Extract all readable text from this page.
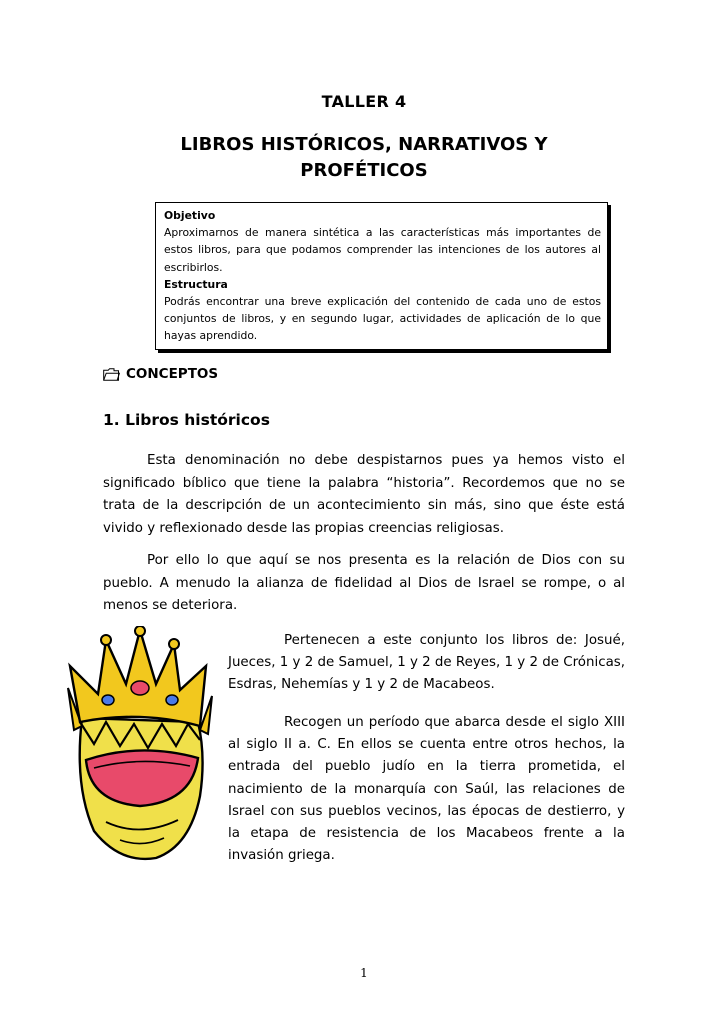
TALLER 4
LIBROS HISTÓRICOS, NARRATIVOS Y PROFÉTICOS
Objetivo
Aproximarnos de manera sintética a las características más importantes de estos libros, para que podamos comprender las intenciones de los autores al escribirlos.
Estructura
Podrás encontrar una breve explicación del contenido de cada uno de estos conjuntos de libros, y en segundo lugar, actividades de aplicación de lo que hayas aprendido.
CONCEPTOS
1. Libros históricos

Esta denominación no debe despistarnos pues ya hemos visto el significado bíblico que tiene la palabra “historia”. Recordemos que no se trata de la descripción de un acontecimiento sin más, sino que éste está vivido y reflexionado desde las propias creencias religiosas.

Por ello lo que aquí se nos presenta es la relación de Dios con su pueblo. A menudo la alianza de fidelidad al Dios de Israel se rompe, o al menos se deteriora.

Pertenecen a este conjunto los libros de: Josué, Jueces, 1 y 2 de Samuel, 1 y 2 de Reyes, 1 y 2 de Crónicas, Esdras, Nehemías y 1 y 2 de Macabeos.

Recogen un período que abarca desde el siglo XIII al siglo II a. C. En ellos se cuenta entre otros hechos, la entrada del pueblo judío en la tierra prometida, el nacimiento de la monarquía con Saúl, las relaciones de Israel con sus pueblos vecinos, las épocas de destierro, y la etapa de resistencia de los Macabeos frente a la invasión griega.

1
